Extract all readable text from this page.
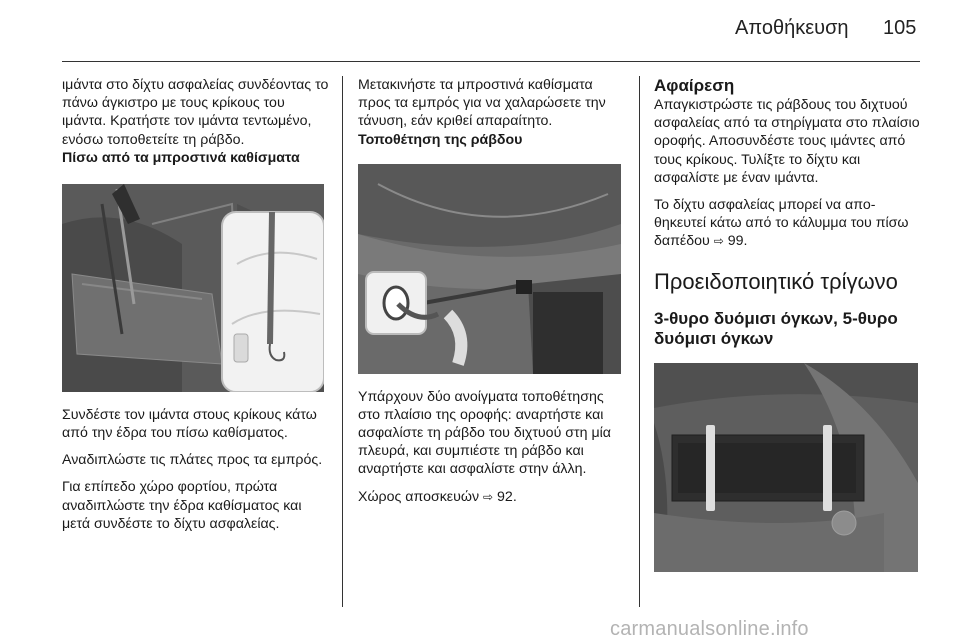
Αποθήκευση 105

ιμάντα στο δίχτυ ασφαλείας συνδέοντας το πάνω άγκιστρο με τους κρίκους του ιμάντα. Κρατήστε τον ιμάντα τεντωμένο, ενόσω τοποθετείτε τη ράβδο.

Πίσω από τα μπροστινά καθίσματα

Συνδέστε τον ιμάντα στους κρίκους κάτω από την έδρα του πίσω καθίσματος.

Αναδιπλώστε τις πλάτες προς τα εμπρός.

Για επίπεδο χώρο φορτίου, πρώτα αναδιπλώστε την έδρα καθίσματος και μετά συνδέστε το δίχτυ ασφαλείας.

Μετακινήστε τα μπροστινά καθίσματα προς τα εμπρός για να χαλαρώσετε την τάνυση, εάν κριθεί απαραίτητο.

Τοποθέτηση της ράβδου

Υπάρχουν δύο ανοίγματα τοποθέτησης στο πλαίσιο της οροφής: αναρτήστε και ασφαλίστε τη ράβδο του διχτυού στη μία πλευρά, και συμπιέστε τη ράβδο και αναρτήστε και ασφαλίστε στην άλλη.

Χώρος αποσκευών ⇨ 92.

Αφαίρεση

Απαγκιστρώστε τις ράβδους του διχτυού ασφαλείας από τα στηρίγματα στο πλαίσιο οροφής. Αποσυνδέστε τους ιμάντες από τους κρίκους. Τυλίξτε το δίχτυ και ασφαλίστε με έναν ιμάντα.

Το δίχτυ ασφαλείας μπορεί να αποθηκευτεί κάτω από το κάλυμμα του πίσω δαπέδου ⇨ 99.

Προειδοποιητικό τρίγωνο

3-θυρο δυόμισι όγκων, 5-θυρο δυόμισι όγκων

carmanualsonline.info
